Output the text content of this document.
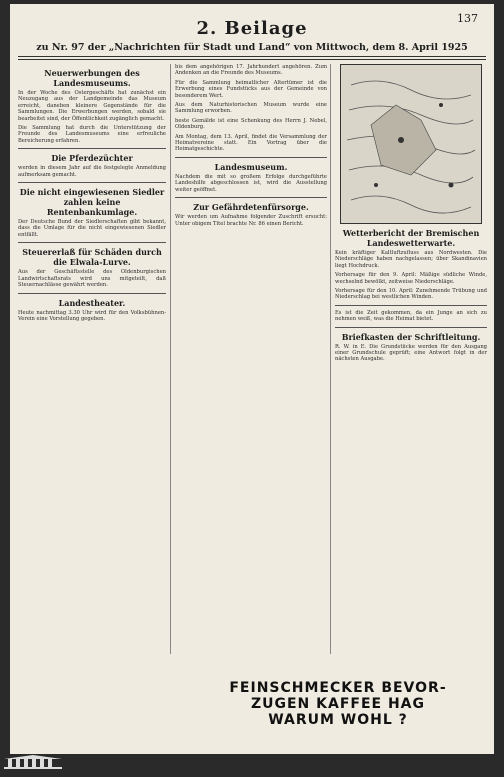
137
2. Beilage
zu Nr. 97 der „Nachrichten für Stadt und Land“ von Mittwoch, dem 8. April 1925
Neuerwerbungen des Landesmuseums.

In der Woche des Ostergeschäfts hat zunächst ein Neuzugang aus der Landgemeinde das Museum erreicht, daneben kleinere Gegenstände für die Sammlungen. Die Erwerbungen werden, sobald sie bearbeitet sind, der Öffentlichkeit zugänglich gemacht.

Die Sammlung hat durch die Unterstützung der Freunde des Landesmuseums eine erfreuliche Bereicherung erfahren.

Die Pferdezüchter

werden in diesem Jahr auf die festgelegte Anmeldung aufmerksam gemacht.

Die nicht eingewiesenen Siedler zahlen keine Rentenbankumlage.

Der Deutsche Bund der Siedlerschaften gibt bekannt, dass die Umlage für die nicht eingewiesenen Siedler entfällt.

Steuererlaß für Schäden durch die Elwala-Lurve.

Aus der Geschäftsstelle des Oldenburgischen Landwirtschaftsrats wird uns mitgeteilt, daß Steuernachlässe gewährt werden.

Landestheater.

Heute nachmittag 3.30 Uhr wird für den Volksbühnen-Verein eine Vorstellung gegeben.

bis dem angehörigen 17. Jahrhundert angehören. Zum Andenken an die Freunde des Museums.

Für die Sammlung heimatlicher Altertümer ist die Erwerbung eines Fundstücks aus der Gemeinde von besonderem Wert.

Aus dem Naturhistorischen Museum wurde eine Sammlung erworben.

beste Gemälde ist eine Schenkung des Herrn J. Nebel, Oldenburg.

Am Montag, dem 13. April, findet die Versammlung der Heimatvereine statt. Ein Vortrag über die Heimatgeschichte.

Landesmuseum.

Nachdem die mit so großem Erfolge durchgeführte Landeshilfe abgeschlossen ist, wird die Ausstellung weiter geöffnet.

Zur Gefährdetenfürsorge.

Wir werden um Aufnahme folgender Zuschrift ersucht: Unter obigem Titel brachte Nr. 86 einen Bericht.

Wetterbericht der Bremischen Landeswetterwarte.

Kein kräftiger Kaltluftzufluss aus Nordwesten. Die Niederschläge haben nachgelassen; über Skandinavien liegt Hochdruck.

Vorhersage für den 9. April: Mäßige südliche Winde, wechselnd bewölkt, zeitweise Niederschläge.

Vorhersage für den 10. April: Zunehmende Trübung und Niederschlag bei westlichen Winden.

Es ist die Zeit gekommen, da ein Junge an sich zu nehmen weiß, was die Heimat bietet.

Briefkasten der Schriftleitung.

R. W. in E. Die Grundstücke werden für den Ausgang einer Grundschule geprüft; eine Antwort folgt in der nächsten Ausgabe.

FEINSCHMECKER BEVOR-
ZUGEN KAFFEE HAG
WARUM WOHL ?
